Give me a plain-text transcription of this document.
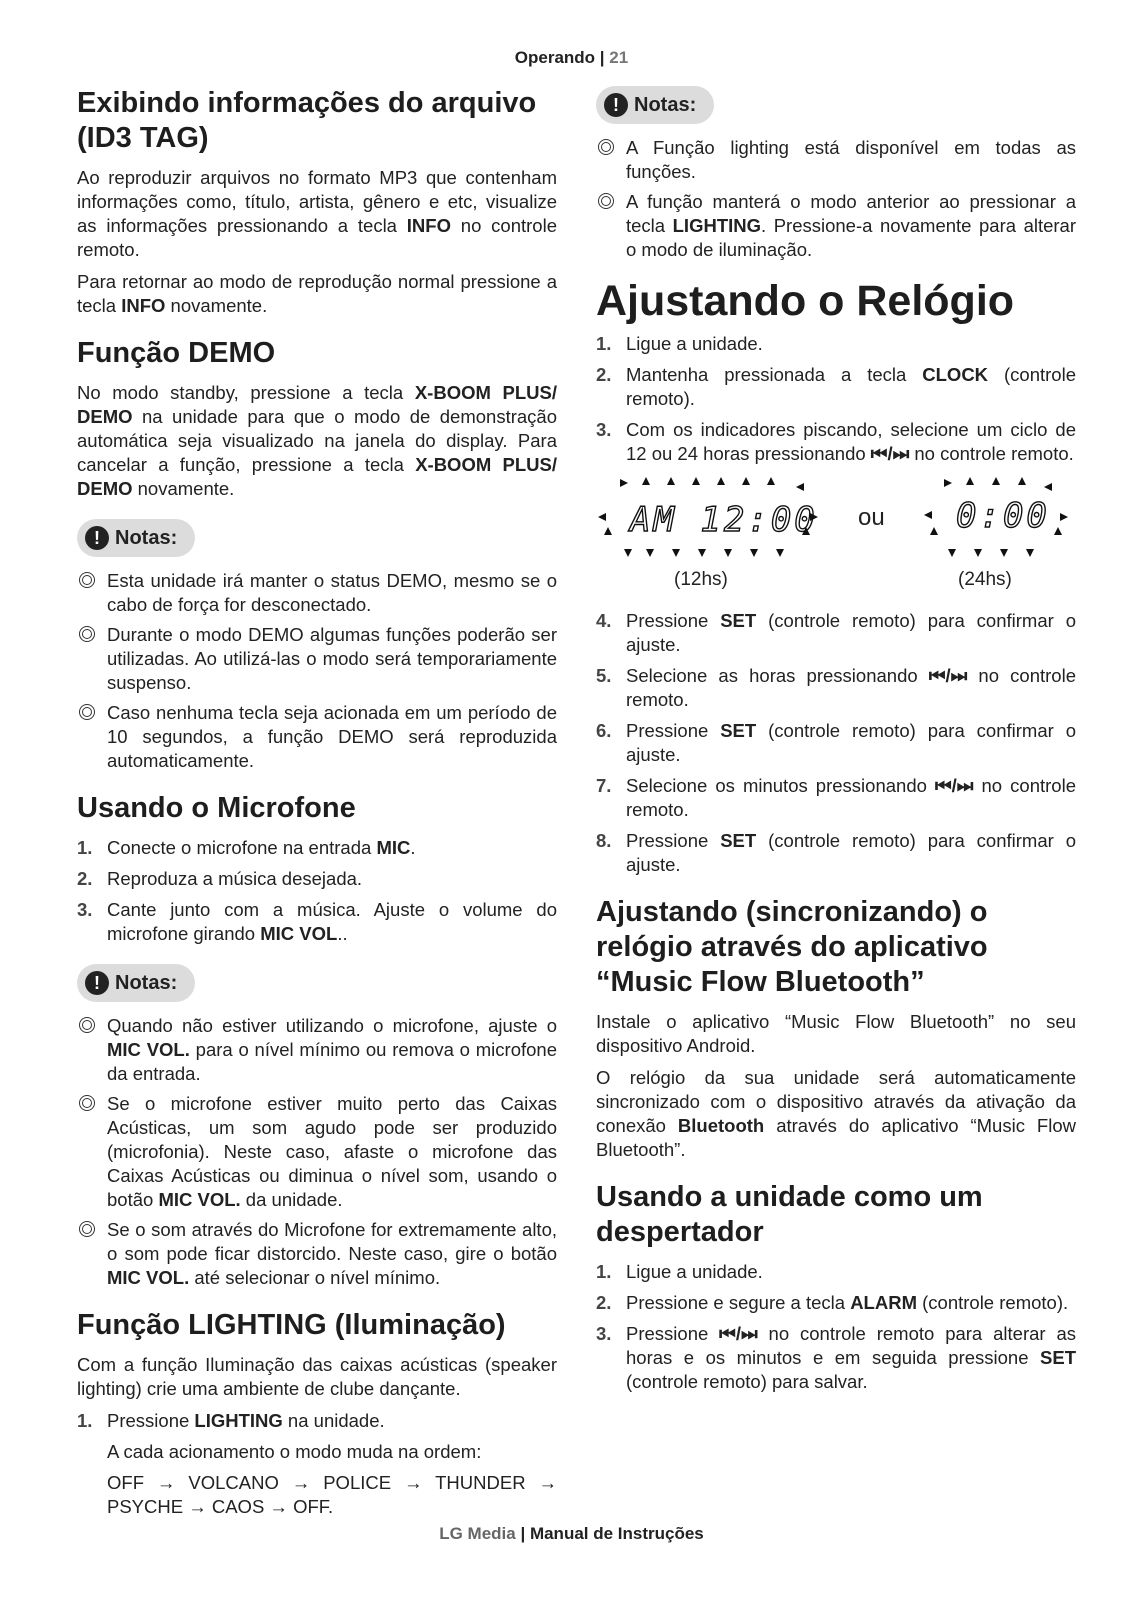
Operando | 21
Exibindo informações do arquivo
(ID3 TAG)

Ao reproduzir arquivos no formato MP3 que contenham informações como, título, artista, gênero e etc, visualize as informações pressionando a tecla INFO no controle remoto.

Para retornar ao modo de reprodução normal pressione a tecla INFO novamente.

Função DEMO

No modo standby, pressione a tecla X-BOOM PLUS/ DEMO na unidade para que o modo de demonstração automática seja visualizado na janela do display. Para cancelar a função, pressione a tecla X-BOOM PLUS/ DEMO novamente.

! Notas:
Esta unidade irá manter o status DEMO, mesmo se o cabo de força for desconectado.
Durante o modo DEMO algumas funções poderão ser utilizadas. Ao utilizá-las o modo será temporariamente suspenso.
Caso nenhuma tecla seja acionada em um período de 10 segundos, a função DEMO será reproduzida automaticamente.
Usando o Microfone
1. Conecte o microfone na entrada MIC.
2. Reproduza a música desejada.
3. Cante junto com a música. Ajuste o volume do microfone girando MIC VOL..
! Notas:
Quando não estiver utilizando o microfone, ajuste o MIC VOL. para o nível mínimo ou remova o microfone da entrada.
Se o microfone estiver muito perto das Caixas Acústicas, um som agudo pode ser produzido (microfonia). Neste caso, afaste o microfone das Caixas Acústicas ou diminua o nível som, usando o botão MIC VOL. da unidade.
Se o som através do Microfone for extremamente alto, o som pode ficar distorcido. Neste caso, gire o botão MIC VOL. até selecionar o nível mínimo.
Função LIGHTING (Iluminação)

Com a função Iluminação das caixas acústicas (speaker lighting) crie uma ambiente de clube dançante.

1. Pressione LIGHTING na unidade.
A cada acionamento o modo muda na ordem:
OFF → VOLCANO → POLICE → THUNDER → PSYCHE → CAOS → OFF.
! Notas:
A Função lighting está disponível em todas as funções.
A função manterá o modo anterior ao pressionar a tecla LIGHTING. Pressione-a novamente para alterar o modo de iluminação.
Ajustando o Relógio
1. Ligue a unidade.
2. Mantenha pressionada a tecla CLOCK (controle remoto).
3. Com os indicadores piscando, selecione um ciclo de 12 ou 24 horas pressionando ⏮/⏭ no controle remoto.
AM 12:00 ou 0:00
(12hs)	(24hs)
4. Pressione SET (controle remoto) para confirmar o ajuste.
5. Selecione as horas pressionando ⏮/⏭ no controle remoto.
6. Pressione SET (controle remoto) para confirmar o ajuste.
7. Selecione os minutos pressionando ⏮/⏭ no controle remoto.
8. Pressione SET (controle remoto) para confirmar o ajuste.
Ajustando (sincronizando) o
relógio através do aplicativo
“Music Flow Bluetooth”

Instale o aplicativo “Music Flow Bluetooth” no seu dispositivo Android.

O relógio da sua unidade será automaticamente sincronizado com o dispositivo através da ativação da conexão Bluetooth através do aplicativo “Music Flow Bluetooth”.

Usando a unidade como um
despertador
1. Ligue a unidade.
2. Pressione e segure a tecla ALARM (controle remoto).
3. Pressione ⏮/⏭ no controle remoto para alterar as horas e os minutos e em seguida pressione SET (controle remoto) para salvar.
LG Media | Manual de Instruções
